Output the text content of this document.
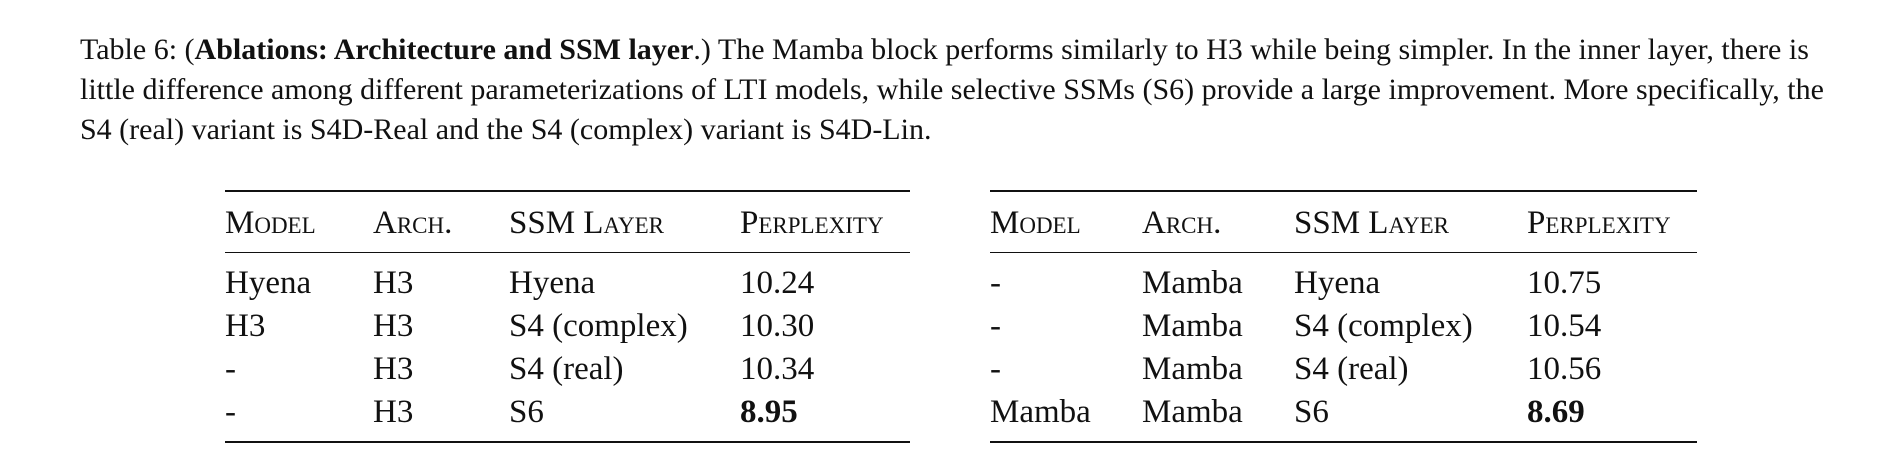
Table 6: (Ablations: Architecture and SSM layer.) The Mamba block performs similarly to H3 while being simpler. In the inner layer, there is little difference among different parameterizations of LTI models, while selective SSMs (S6) provide a large improvement. More specifically, the S4 (real) variant is S4D-Real and the S4 (complex) variant is S4D-Lin.
Model	Arch.	SSM Layer	Perplexity
Hyena	H3	Hyena	10.24
H3	H3	S4 (complex)	10.30
-	H3	S4 (real)	10.34
-	H3	S6	8.95
Model	Arch.	SSM Layer	Perplexity
-	Mamba	Hyena	10.75
-	Mamba	S4 (complex)	10.54
-	Mamba	S4 (real)	10.56
Mamba	Mamba	S6	8.69
